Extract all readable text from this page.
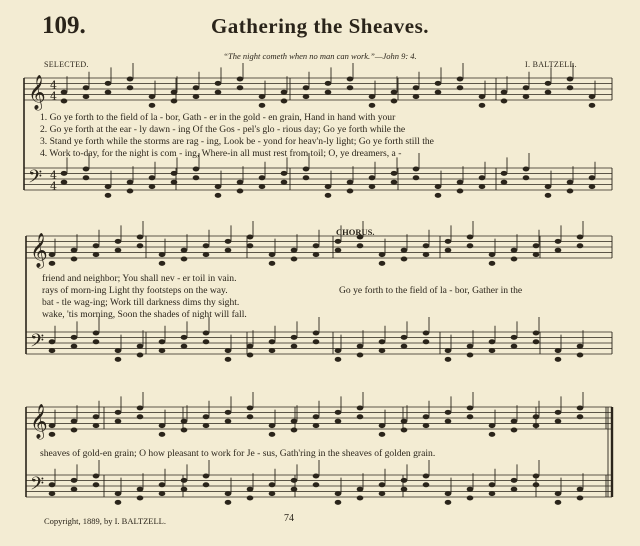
109.	Gathering the Sheaves.
“The night cometh when no man can work.”—John 9: 4.
SELECTED.	I. BALTZELL.
𝄞
𝄢
𝄞
𝄢
𝄞
𝄢
4
4
4
4
CHORUS.
1. Go ye forth to the field of la - bor, Gath - er in the gold - en grain, Hand in hand with your
2. Go ye forth at the ear - ly dawn - ing Of the Gos - pel's glo - rious day; Go ye forth while the
3. Stand ye forth while the storms are rag - ing, Look be - yond for heav'n-ly light; Go ye forth still the
4. Work to-day, for the night is com - ing, Where-in all must rest from toil; O, ye dreamers, a -
friend and neighbor; You shall nev - er toil in vain.
rays of morn-ing Light thy footsteps on the way.
bat - tle wag-ing; Work till darkness dims thy sight.
wake, 'tis morning, Soon the shades of night will fall.
Go ye forth to the field of la - bor, Gather in the
sheaves of gold-en grain; O how pleasant to work for Je - sus, Gath'ring in the sheaves of golden grain.
Copyright, 1889, by I. BALTZELL.	74
